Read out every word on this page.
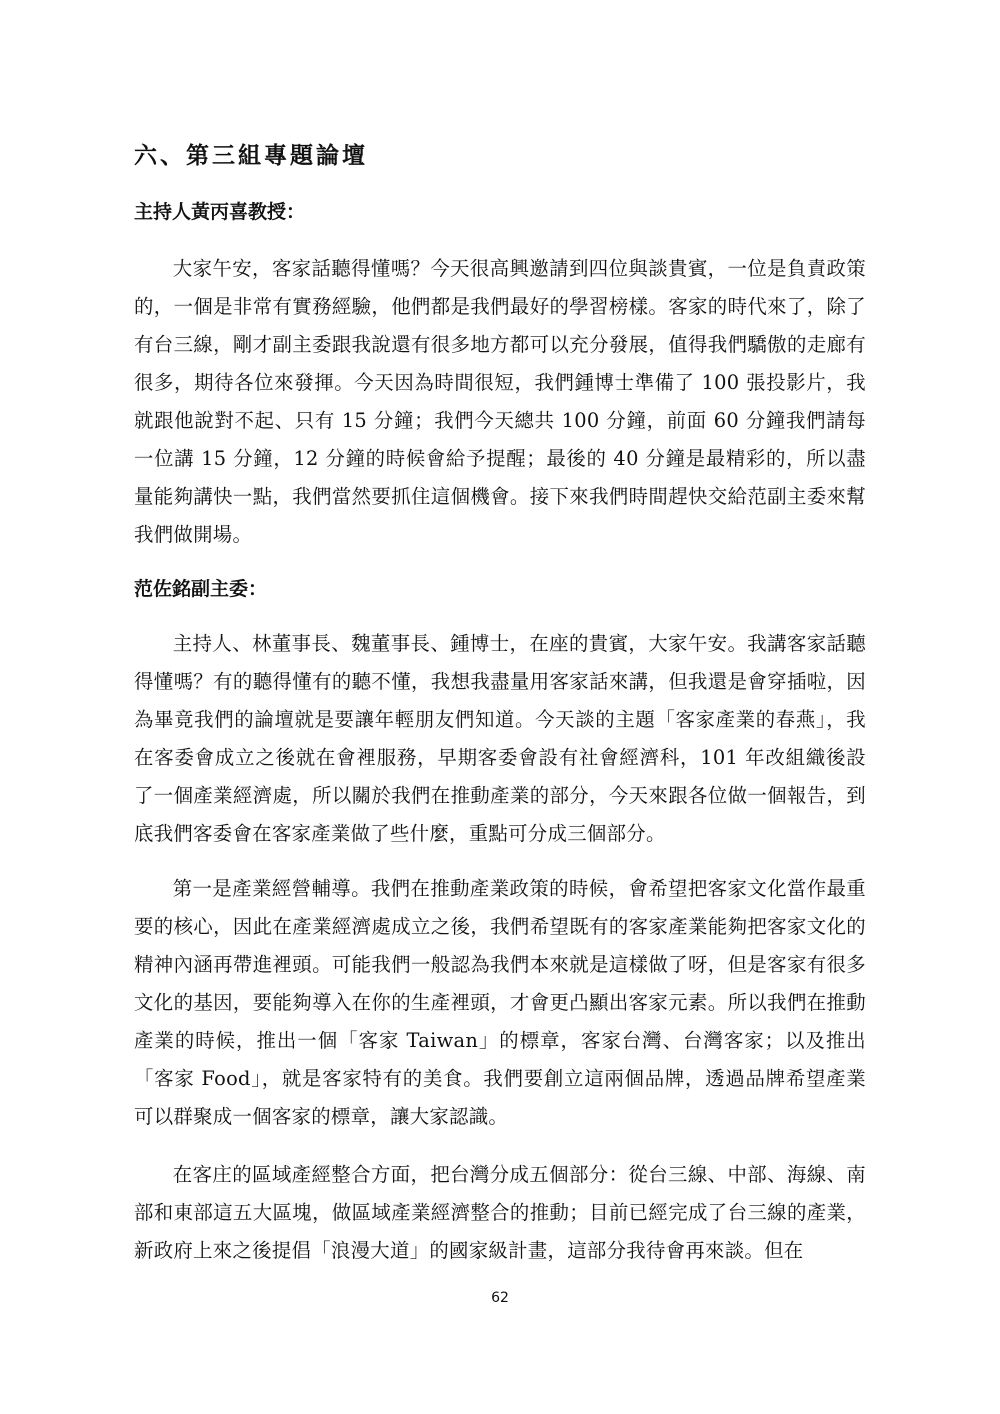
六、第三組專題論壇
主持人黃丙喜教授：

大家午安，客家話聽得懂嗎？今天很高興邀請到四位與談貴賓，一位是負責政策的，一個是非常有實務經驗，他們都是我們最好的學習榜樣。客家的時代來了，除了有台三線，剛才副主委跟我說還有很多地方都可以充分發展，值得我們驕傲的走廊有很多，期待各位來發揮。今天因為時間很短，我們鍾博士準備了 100 張投影片，我就跟他說對不起、只有 15 分鐘；我們今天總共 100 分鐘，前面 60 分鐘我們請每一位講 15 分鐘，12 分鐘的時候會給予提醒；最後的 40 分鐘是最精彩的，所以盡量能夠講快一點，我們當然要抓住這個機會。接下來我們時間趕快交給范副主委來幫我們做開場。

范佐銘副主委：

主持人、林董事長、魏董事長、鍾博士，在座的貴賓，大家午安。我講客家話聽得懂嗎？有的聽得懂有的聽不懂，我想我盡量用客家話來講，但我還是會穿插啦，因為畢竟我們的論壇就是要讓年輕朋友們知道。今天談的主題「客家產業的春燕」，我在客委會成立之後就在會裡服務，早期客委會設有社會經濟科，101 年改組織後設了一個產業經濟處，所以關於我們在推動產業的部分，今天來跟各位做一個報告，到底我們客委會在客家產業做了些什麼，重點可分成三個部分。

第一是產業經營輔導。我們在推動產業政策的時候，會希望把客家文化當作最重要的核心，因此在產業經濟處成立之後，我們希望既有的客家產業能夠把客家文化的精神內涵再帶進裡頭。可能我們一般認為我們本來就是這樣做了呀，但是客家有很多文化的基因，要能夠導入在你的生產裡頭，才會更凸顯出客家元素。所以我們在推動產業的時候，推出一個「客家 Taiwan」的標章，客家台灣、台灣客家；以及推出「客家 Food」，就是客家特有的美食。我們要創立這兩個品牌，透過品牌希望產業可以群聚成一個客家的標章，讓大家認識。

在客庄的區域產經整合方面，把台灣分成五個部分：從台三線、中部、海線、南部和東部這五大區塊，做區域產業經濟整合的推動；目前已經完成了台三線的產業，新政府上來之後提倡「浪漫大道」的國家級計畫，這部分我待會再來談。但在

62
